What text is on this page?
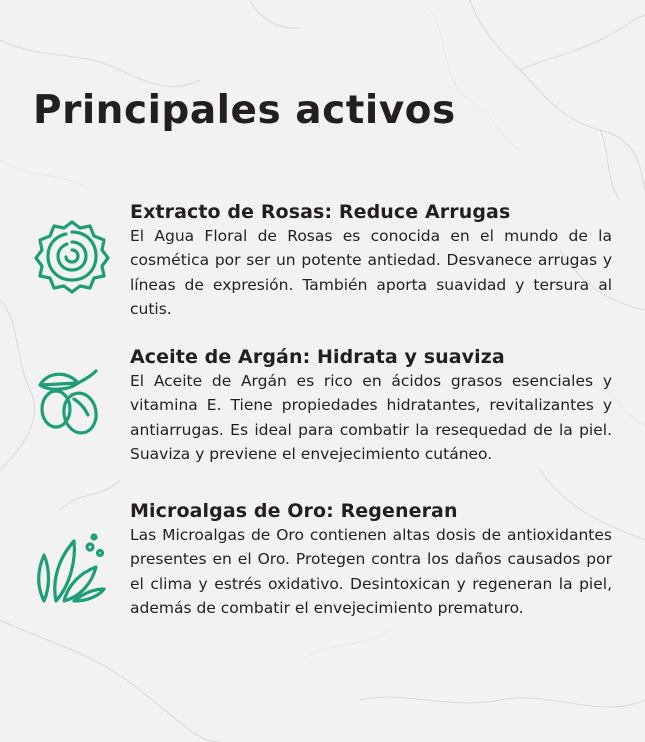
Principales activos
Extracto de Rosas: Reduce Arrugas

El Agua Floral de Rosas es conocida en el mundo de la cosmética por ser un potente antiedad. Desvanece arrugas y líneas de expresión. También aporta suavidad y tersura al cutis.

Aceite de Argán: Hidrata y suaviza

El Aceite de Argán es rico en ácidos grasos esenciales y vitamina E. Tiene propiedades hidratantes, revitalizantes y antiarrugas. Es ideal para combatir la resequedad de la piel. Suaviza y previene el envejecimiento cutáneo.

Microalgas de Oro: Regeneran

Las Microalgas de Oro contienen altas dosis de antioxidantes presentes en el Oro. Protegen contra los daños causados por el clima y estrés oxidativo. Desintoxican y regeneran la piel, además de combatir el envejecimiento prematuro.
